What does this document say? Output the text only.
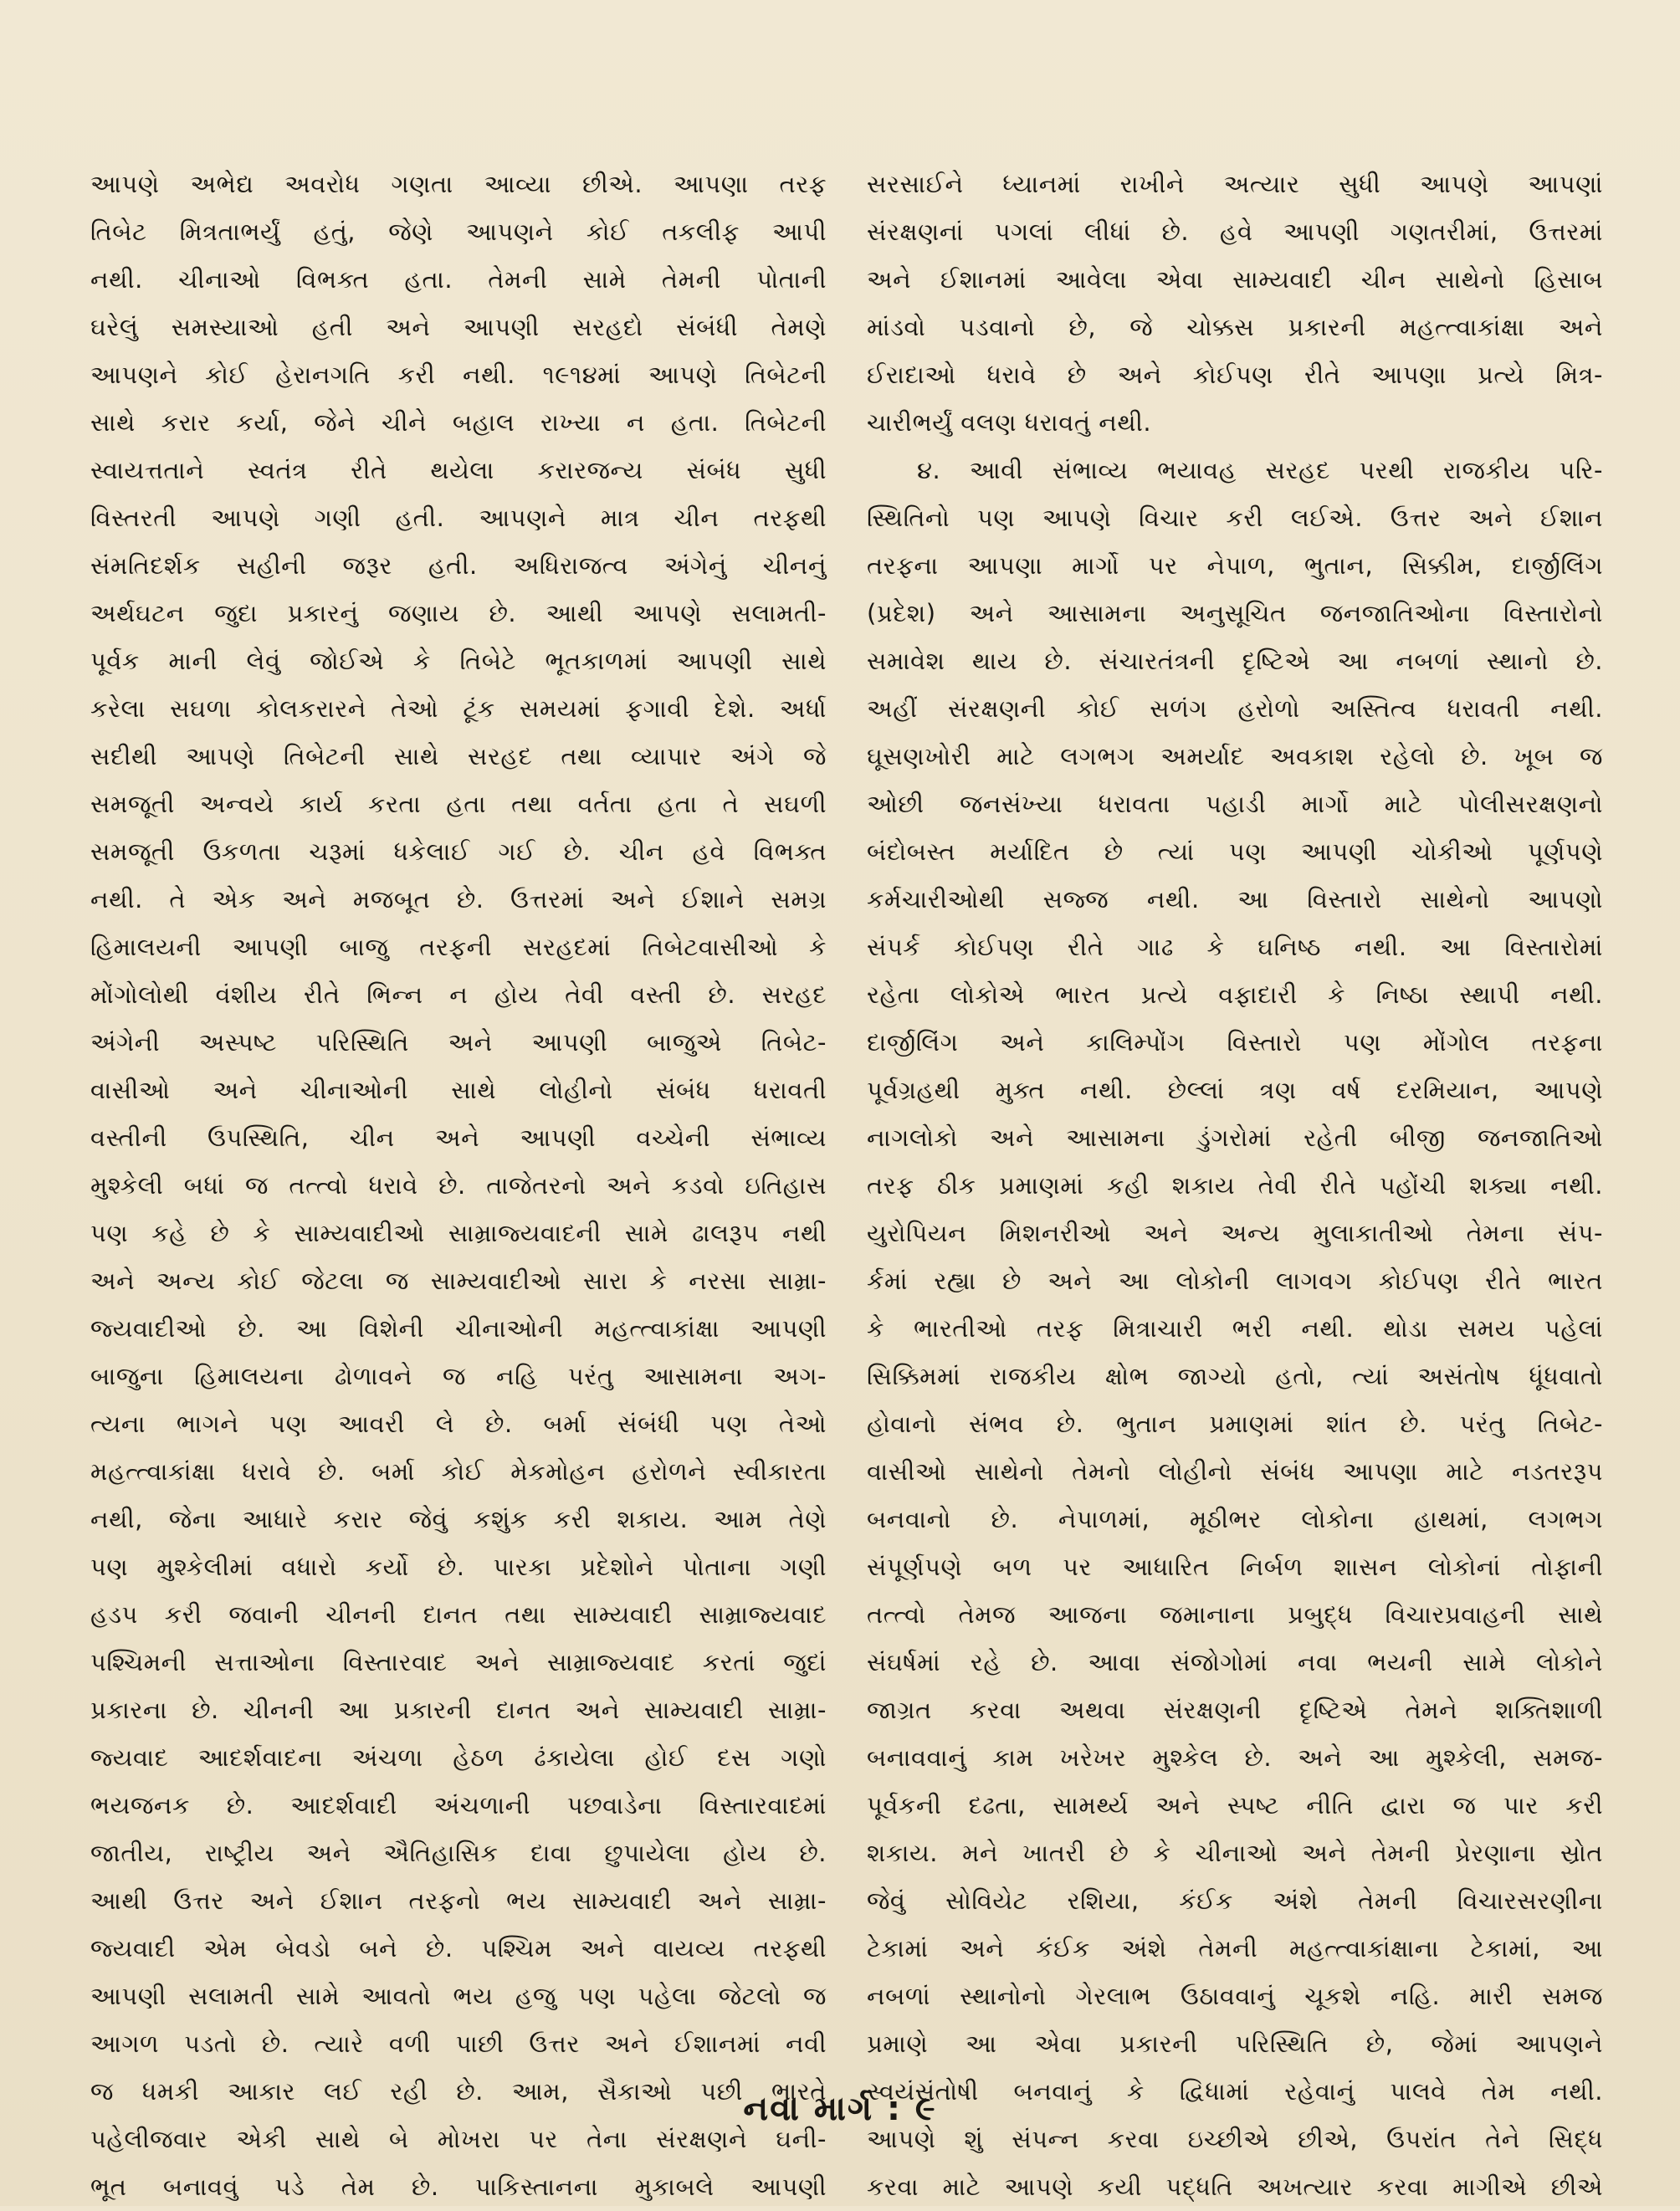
આપણે અભેદ્ય અવરોધ ગણતા આવ્યા છીએ. આપણા તરફ
તિબેટ મિત્રતાભર્યું હતું, જેણે આપણને કોઈ તકલીફ આપી
નથી. ચીનાઓ વિભક્ત હતા. તેમની સામે તેમની પોતાની
ઘરેલું સમસ્યાઓ હતી અને આપણી સરહદો સંબંધી તેમણે
આપણને કોઈ હેરાનગતિ કરી નથી. ૧૯૧૪માં આપણે તિબેટની
સાથે કરાર કર્યા, જેને ચીને બહાલ રાખ્યા ન હતા. તિબેટની
સ્વાયત્તતાને સ્વતંત્ર રીતે થયેલા કરારજન્ય સંબંધ સુધી
વિસ્તરતી આપણે ગણી હતી. આપણને માત્ર ચીન તરફથી
સંમતિદર્શક સહીની જરૂર હતી. અધિરાજત્વ અંગેનું ચીનનું
અર્થઘટન જુદા પ્રકારનું જણાય છે. આથી આપણે સલામતી-
પૂર્વક માની લેવું જોઈએ કે તિબેટે ભૂતકાળમાં આપણી સાથે
કરેલા સઘળા કોલકરારને તેઓ ટૂંક સમયમાં ફગાવી દેશે. અર્ધા
સદીથી આપણે તિબેટની સાથે સરહદ તથા વ્યાપાર અંગે જે
સમજૂતી અન્વયે કાર્ય કરતા હતા તથા વર્તતા હતા તે સઘળી
સમજૂતી ઉકળતા ચરૂમાં ધકેલાઈ ગઈ છે. ચીન હવે વિભક્ત
નથી. તે એક અને મજબૂત છે. ઉત્તરમાં અને ઈશાને સમગ્ર
હિમાલયની આપણી બાજુ તરફની સરહદમાં તિબેટવાસીઓ કે
મોંગોલોથી વંશીય રીતે ભિન્ન ન હોય તેવી વસ્તી છે. સરહદ
અંગેની અસ્પષ્ટ પરિસ્થિતિ અને આપણી બાજુએ તિબેટ-
વાસીઓ અને ચીનાઓની સાથે લોહીનો સંબંધ ધરાવતી
વસ્તીની ઉપસ્થિતિ, ચીન અને આપણી વચ્ચેની સંભાવ્ય
મુશ્કેલી બધાં જ તત્ત્વો ધરાવે છે. તાજેતરનો અને કડવો ઇતિહાસ
પણ કહે છે કે સામ્યવાદીઓ સામ્રાજ્યવાદની સામે ઢાલરૂપ નથી
અને અન્ય કોઈ જેટલા જ સામ્યવાદીઓ સારા કે નરસા સામ્રા-
જ્યવાદીઓ છે. આ વિશેની ચીનાઓની મહત્ત્વાકાંક્ષા આપણી
બાજુના હિમાલયના ઢોળાવને જ નહિ પરંતુ આસામના અગ-
ત્યના ભાગને પણ આવરી લે છે. બર્મા સંબંધી પણ તેઓ
મહત્ત્વાકાંક્ષા ધરાવે છે. બર્મા કોઈ મેકમોહન હરોળને સ્વીકારતા
નથી, જેના આધારે કરાર જેવું કશુંક કરી શકાય. આમ તેણે
પણ મુશ્કેલીમાં વધારો કર્યો છે. પારકા પ્રદેશોને પોતાના ગણી
હડપ કરી જવાની ચીનની દાનત તથા સામ્યવાદી સામ્રાજ્યવાદ
પશ્ચિમની સત્તાઓના વિસ્તારવાદ અને સામ્રાજ્યવાદ કરતાં જુદાં
પ્રકારના છે. ચીનની આ પ્રકારની દાનત અને સામ્યવાદી સામ્રા-
જ્યવાદ આદર્શવાદના અંચળા હેઠળ ઢંકાયેલા હોઈ દસ ગણો
ભયજનક છે. આદર્શવાદી અંચળાની પછવાડેના વિસ્તારવાદમાં
જાતીય, રાષ્ટ્રીય અને ઐતિહાસિક દાવા છુપાયેલા હોય છે.
આથી ઉત્તર અને ઈશાન તરફનો ભય સામ્યવાદી અને સામ્રા-
જ્યવાદી એમ બેવડો બને છે. પશ્ચિમ અને વાયવ્ય તરફથી
આપણી સલામતી સામે આવતો ભય હજુ પણ પહેલા જેટલો જ
આગળ પડતો છે. ત્યારે વળી પાછી ઉત્તર અને ઈશાનમાં નવી
જ ધમકી આકાર લઈ રહી છે. આમ, સૈકાઓ પછી ભારતે
પહેલીજવાર એકી સાથે બે મોખરા પર તેના સંરક્ષણને ઘની-
ભૂત બનાવવું પડે તેમ છે. પાકિસ્તાનના મુકાબલે આપણી
સરસાઈને ધ્યાનમાં રાખીને અત્યાર સુધી આપણે આપણાં
સંરક્ષણનાં પગલાં લીધાં છે. હવે આપણી ગણતરીમાં, ઉત્તરમાં
અને ઈશાનમાં આવેલા એવા સામ્યવાદી ચીન સાથેનો હિસાબ
માંડવો પડવાનો છે, જે ચોક્કસ પ્રકારની મહત્ત્વાકાંક્ષા અને
ઈરાદાઓ ધરાવે છે અને કોઈપણ રીતે આપણા પ્રત્યે મિત્ર-
ચારીભર્યું વલણ ધરાવતું નથી.
૪. આવી સંભાવ્ય ભયાવહ સરહદ પરથી રાજકીય પરિ-
સ્થિતિનો પણ આપણે વિચાર કરી લઈએ. ઉત્તર અને ઈશાન
તરફના આપણા માર્ગો પર નેપાળ, ભુતાન, સિક્કીમ, દાર્જીલિંગ
(પ્રદેશ) અને આસામના અનુસૂચિત જનજાતિઓના વિસ્તારોનો
સમાવેશ થાય છે. સંચારતંત્રની દૃષ્ટિએ આ નબળાં સ્થાનો છે.
અહીં સંરક્ષણની કોઈ સળંગ હરોળો અસ્તિત્વ ધરાવતી નથી.
ઘૂસણખોરી માટે લગભગ અમર્યાદ અવકાશ રહેલો છે. ખૂબ જ
ઓછી જનસંખ્યા ધરાવતા પહાડી માર્ગો માટે પોલીસરક્ષણનો
બંદોબસ્ત મર્યાદિત છે ત્યાં પણ આપણી ચોકીઓ પૂર્ણપણે
કર્મચારીઓથી સજ્જ નથી. આ વિસ્તારો સાથેનો આપણો
સંપર્ક કોઈપણ રીતે ગાઢ કે ઘનિષ્ઠ નથી. આ વિસ્તારોમાં
રહેતા લોકોએ ભારત પ્રત્યે વફાદારી કે નિષ્ઠા સ્થાપી નથી.
દાર્જીલિંગ અને કાલિમ્પોંગ વિસ્તારો પણ મોંગોલ તરફના
પૂર્વગ્રહથી મુક્ત નથી. છેલ્લાં ત્રણ વર્ષ દરમિયાન, આપણે
નાગલોકો અને આસામના ડુંગરોમાં રહેતી બીજી જનજાતિઓ
તરફ ઠીક પ્રમાણમાં કહી શકાય તેવી રીતે પહોંચી શક્યા નથી.
યુરોપિયન મિશનરીઓ અને અન્ય મુલાકાતીઓ તેમના સંપ-
ર્કમાં રહ્યા છે અને આ લોકોની લાગવગ કોઈપણ રીતે ભારત
કે ભારતીઓ તરફ મિત્રાચારી ભરી નથી. થોડા સમય પહેલાં
સિક્કિમમાં રાજકીય ક્ષોભ જાગ્યો હતો, ત્યાં અસંતોષ ધૂંધવાતો
હોવાનો સંભવ છે. ભુતાન પ્રમાણમાં શાંત છે. પરંતુ તિબેટ-
વાસીઓ સાથેનો તેમનો લોહીનો સંબંધ આપણા માટે નડતરરૂપ
બનવાનો છે. નેપાળમાં, મૂઠીભર લોકોના હાથમાં, લગભગ
સંપૂર્ણપણે બળ પર આધારિત નિર્બળ શાસન લોકોનાં તોફાની
તત્ત્વો તેમજ આજના જમાનાના પ્રબુદ્ધ વિચારપ્રવાહની સાથે
સંઘર્ષમાં રહે છે. આવા સંજોગોમાં નવા ભયની સામે લોકોને
જાગ્રત કરવા અથવા સંરક્ષણની દૃષ્ટિએ તેમને શક્તિશાળી
બનાવવાનું કામ ખરેખર મુશ્કેલ છે. અને આ મુશ્કેલી, સમજ-
પૂર્વકની દઢતા, સામર્થ્ય અને સ્પષ્ટ નીતિ દ્વારા જ પાર કરી
શકાય. મને ખાતરી છે કે ચીનાઓ અને તેમની પ્રેરણાના સ્રોત
જેવું સોવિયેટ રશિયા, કંઈક અંશે તેમની વિચારસરણીના
ટેકામાં અને કંઈક અંશે તેમની મહત્ત્વાકાંક્ષાના ટેકામાં, આ
નબળાં સ્થાનોનો ગેરલાભ ઉઠાવવાનું ચૂકશે નહિ. મારી સમજ
પ્રમાણે આ એવા પ્રકારની પરિસ્થિતિ છે, જેમાં આપણને
સ્વયંસંતોષી બનવાનું કે દ્વિધામાં રહેવાનું પાલવે તેમ નથી.
આપણે શું સંપન્ન કરવા ઇચ્છીએ છીએ, ઉપરાંત તેને સિદ્ધ
કરવા માટે આપણે કયી પદ્ધતિ અખત્યાર કરવા માગીએ છીએ
નવા માર્ગ : ૯
